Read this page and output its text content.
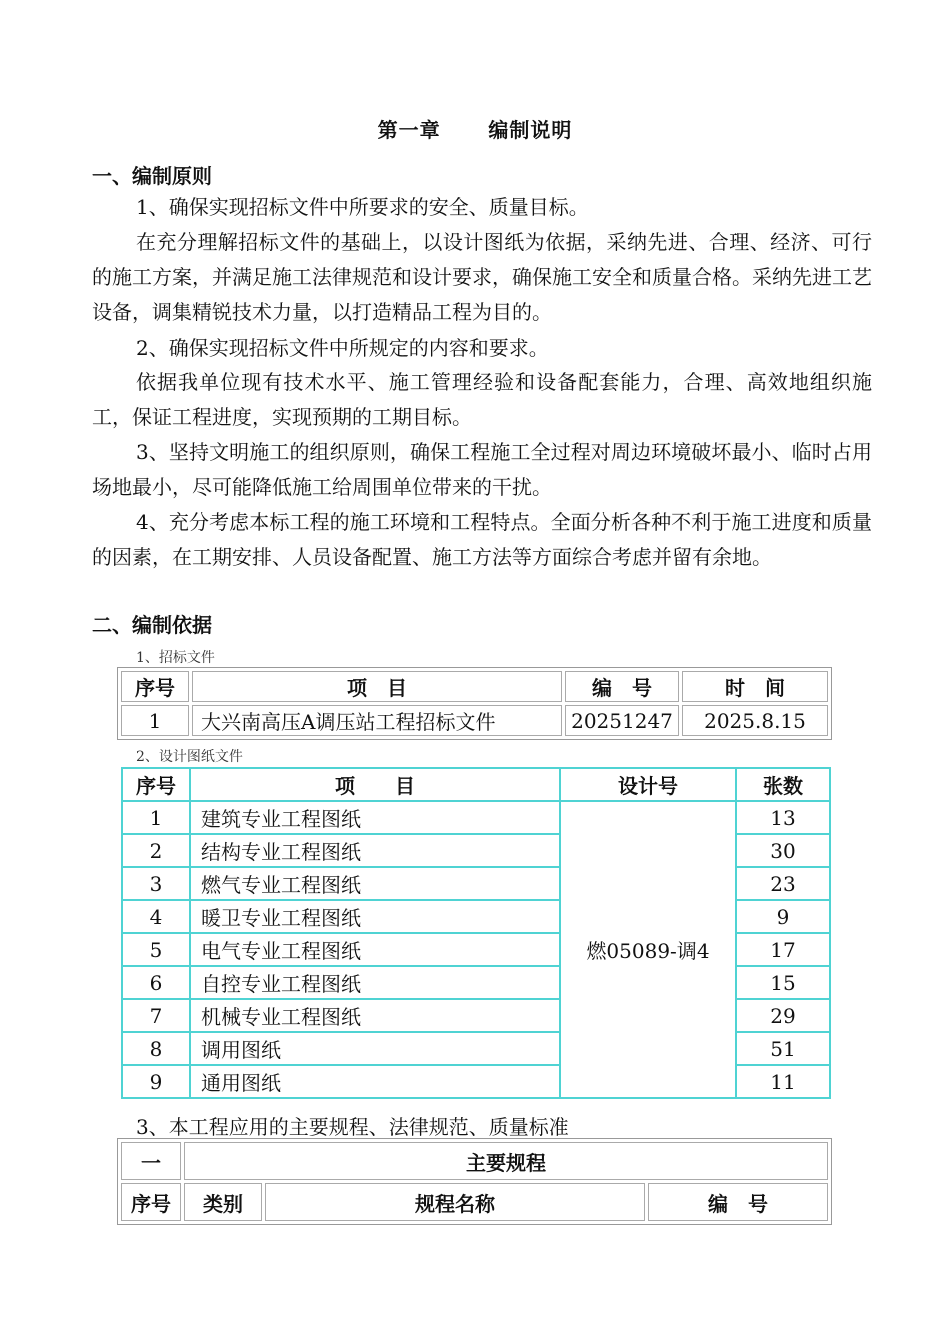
第一章      编制说明
一、编制原则

1、确保实现招标文件中所要求的安全、质量目标。

在充分理解招标文件的基础上，以设计图纸为依据，采纳先进、合理、经济、可行的施工方案，并满足施工法律规范和设计要求，确保施工安全和质量合格。采纳先进工艺设备，调集精锐技术力量，以打造精品工程为目的。

2、确保实现招标文件中所规定的内容和要求。

依据我单位现有技术水平、施工管理经验和设备配套能力，合理、高效地组织施工，保证工程进度，实现预期的工期目标。

3、坚持文明施工的组织原则，确保工程施工全过程对周边环境破坏最小、临时占用场地最小，尽可能降低施工给周围单位带来的干扰。

4、充分考虑本标工程的施工环境和工程特点。全面分析各种不利于施工进度和质量的因素，在工期安排、人员设备配置、施工方法等方面综合考虑并留有余地。

二、编制依据
1、招标文件
序号	项　目	编　号	时　间
1	大兴南高压A调压站工程招标文件	20251247	2025.8.15
2、设计图纸文件
序号	项　　目	设计号	张数
1	建筑专业工程图纸	燃05089-调4	13
2	结构专业工程图纸		30
3	燃气专业工程图纸		23
4	暖卫专业工程图纸		9
5	电气专业工程图纸		17
6	自控专业工程图纸		15
7	机械专业工程图纸		29
8	调用图纸		51
9	通用图纸		11
3、本工程应用的主要规程、法律规范、质量标准
一	主要规程		
序号	类别	规程名称	编　号
